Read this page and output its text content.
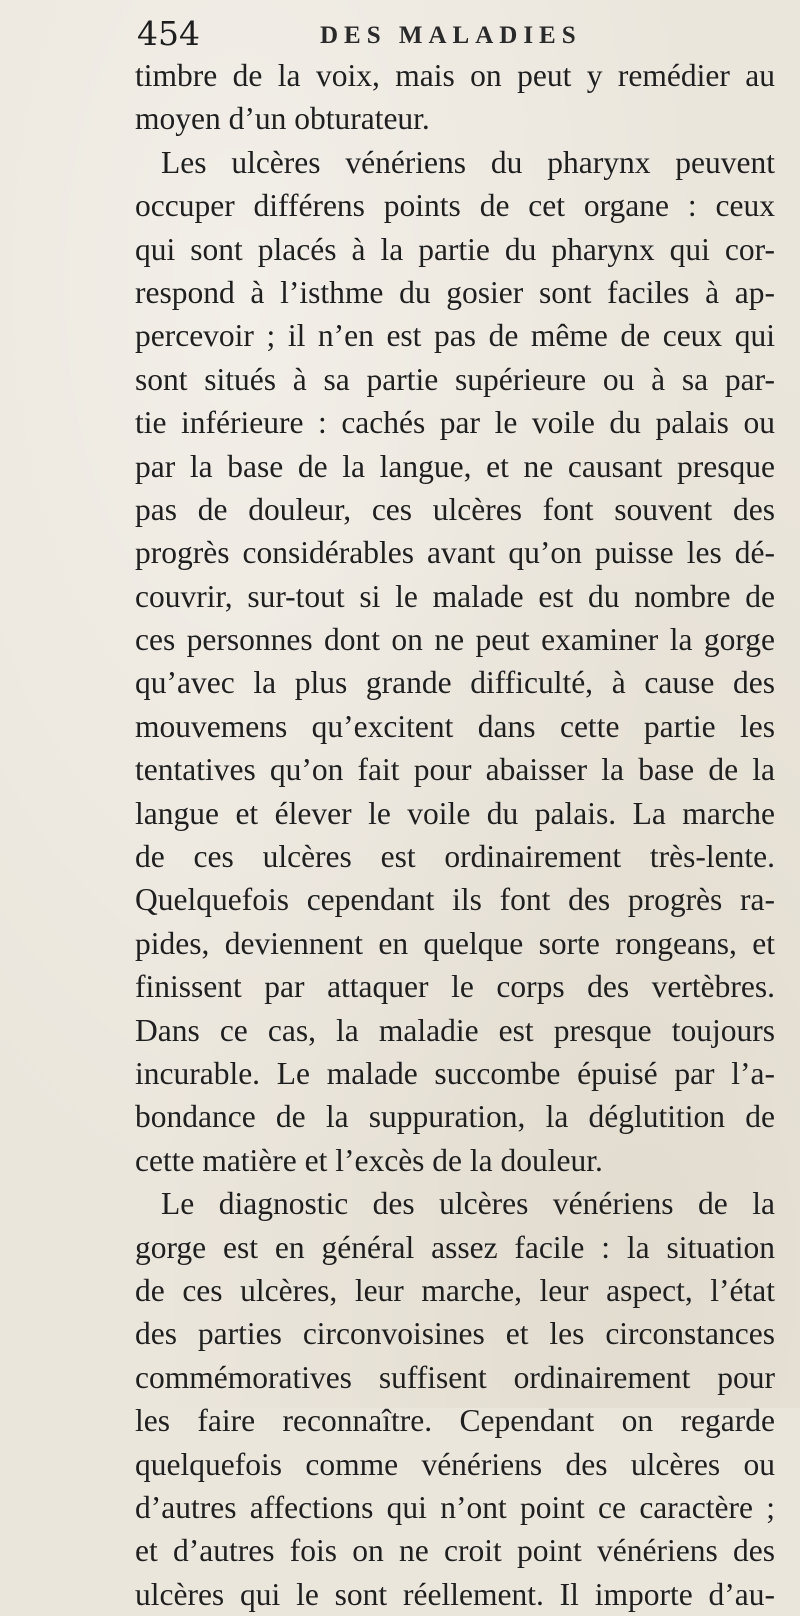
454	DES MALADIES
timbre de la voix, mais on peut y remédier au
moyen d’un obturateur.
Les ulcères vénériens du pharynx peuvent
occuper différens points de cet organe : ceux
qui sont placés à la partie du pharynx qui cor-
respond à l’isthme du gosier sont faciles à ap-
percevoir ; il n’en est pas de même de ceux qui
sont situés à sa partie supérieure ou à sa par-
tie inférieure : cachés par le voile du palais ou
par la base de la langue, et ne causant presque
pas de douleur, ces ulcères font souvent des
progrès considérables avant qu’on puisse les dé-
couvrir, sur-tout si le malade est du nombre de
ces personnes dont on ne peut examiner la gorge
qu’avec la plus grande difficulté, à cause des
mouvemens qu’excitent dans cette partie les
tentatives qu’on fait pour abaisser la base de la
langue et élever le voile du palais. La marche
de ces ulcères est ordinairement très-lente.
Quelquefois cependant ils font des progrès ra-
pides, deviennent en quelque sorte rongeans, et
finissent par attaquer le corps des vertèbres.
Dans ce cas, la maladie est presque toujours
incurable. Le malade succombe épuisé par l’a-
bondance de la suppuration, la déglutition de
cette matière et l’excès de la douleur.
Le diagnostic des ulcères vénériens de la
gorge est en général assez facile : la situation
de ces ulcères, leur marche, leur aspect, l’état
des parties circonvoisines et les circonstances
commémoratives suffisent ordinairement pour
les faire reconnaître. Cependant on regarde
quelquefois comme vénériens des ulcères ou
d’autres affections qui n’ont point ce caractère ;
et d’autres fois on ne croit point vénériens des
ulcères qui le sont réellement. Il importe d’au-
